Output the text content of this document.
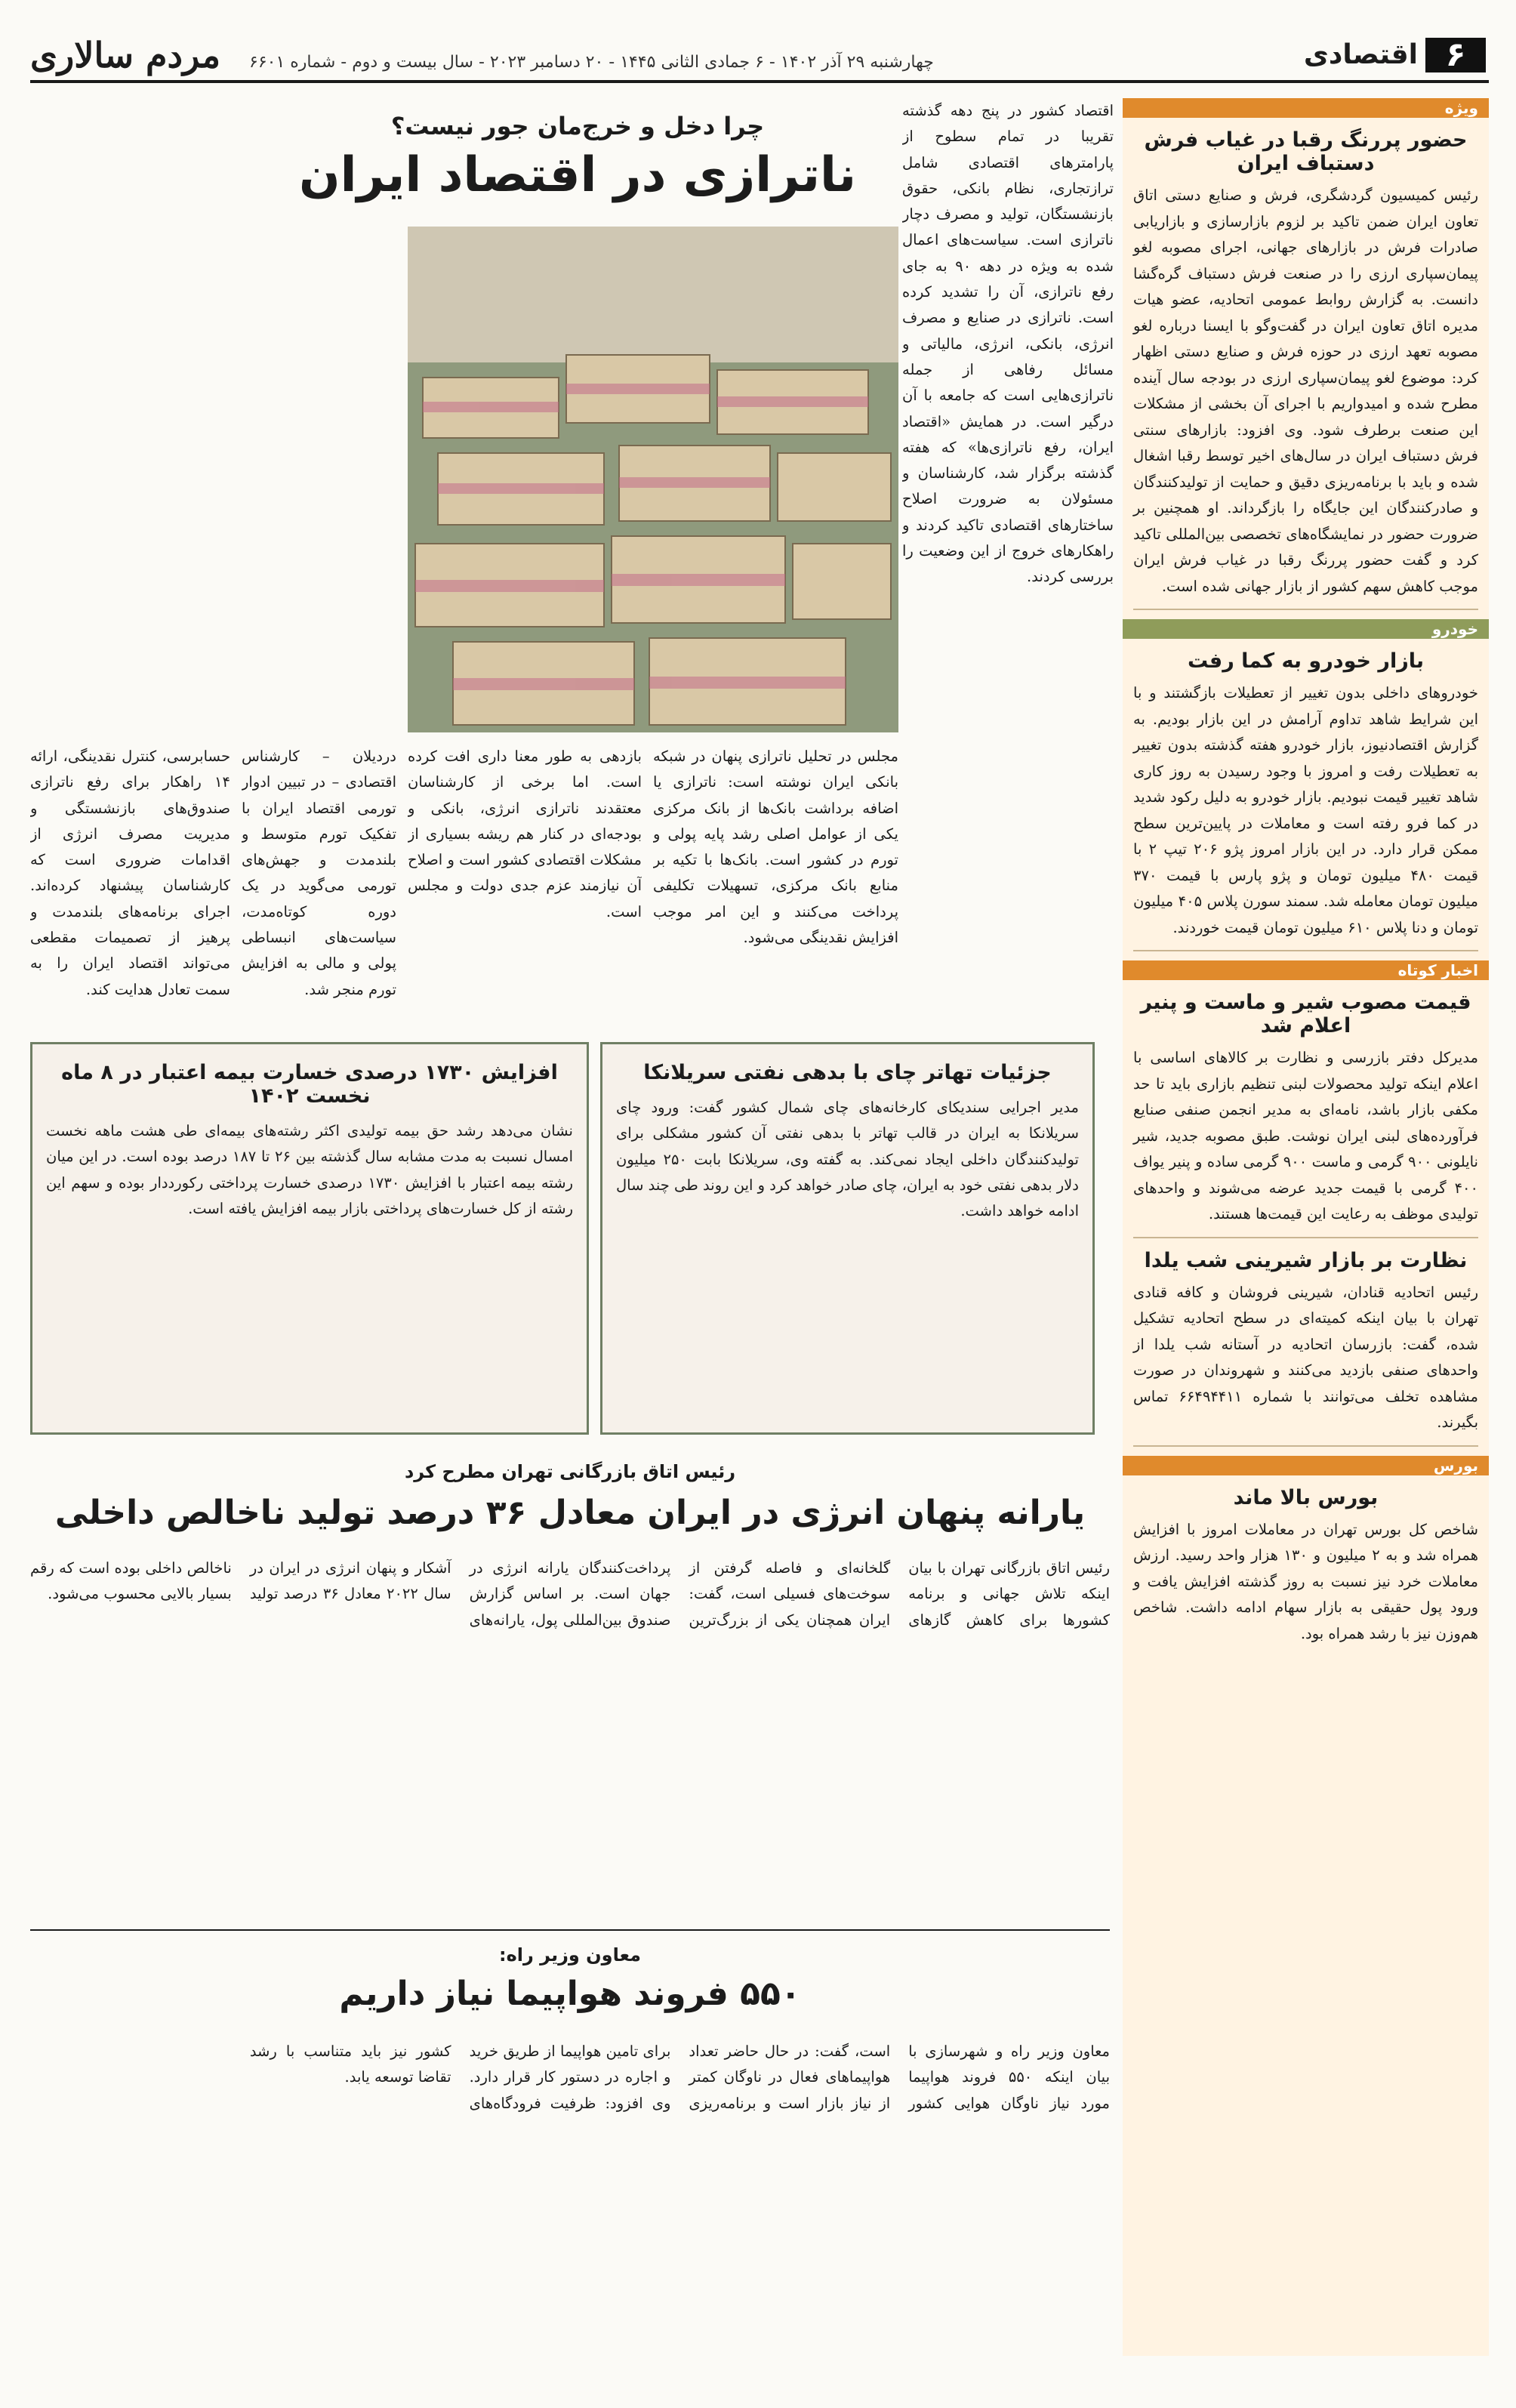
۶
اقتصادی
مردم سالاری چهارشنبه ۲۹ آذر ۱۴۰۲ - ۶ جمادی الثانی ۱۴۴۵ - ۲۰ دسامبر ۲۰۲۳ - سال بیست و دوم - شماره ۶۶۰۱
ویژه
حضور پررنگ رقبا در غیاب فرش دستباف ایران

رئیس کمیسیون گردشگری، فرش و صنایع دستی اتاق تعاون ایران ضمن تاکید بر لزوم بازارسازی و بازاریابی صادرات فرش در بازارهای جهانی، اجرای مصوبه لغو پیمان‌سپاری ارزی را در صنعت فرش دستباف گره‌گشا دانست. به گزارش روابط عمومی اتحادیه، عضو هیات مدیره اتاق تعاون ایران در گفت‌وگو با ایسنا درباره لغو مصوبه تعهد ارزی در حوزه فرش و صنایع دستی اظهار کرد: موضوع لغو پیمان‌سپاری ارزی در بودجه سال آینده مطرح شده و امیدواریم با اجرای آن بخشی از مشکلات این صنعت برطرف شود. وی افزود: بازارهای سنتی فرش دستباف ایران در سال‌های اخیر توسط رقبا اشغال شده و باید با برنامه‌ریزی دقیق و حمایت از تولیدکنندگان و صادرکنندگان این جایگاه را بازگرداند. او همچنین بر ضرورت حضور در نمایشگاه‌های تخصصی بین‌المللی تاکید کرد و گفت حضور پررنگ رقبا در غیاب فرش ایران موجب کاهش سهم کشور از بازار جهانی شده است.

خودرو
بازار خودرو به کما رفت

خودروهای داخلی بدون تغییر از تعطیلات بازگشتند و با این شرایط شاهد تداوم آرامش در این بازار بودیم. به گزارش اقتصادنیوز، بازار خودرو هفته گذشته بدون تغییر به تعطیلات رفت و امروز با وجود رسیدن به روز کاری شاهد تغییر قیمت نبودیم. بازار خودرو به دلیل رکود شدید در کما فرو رفته است و معاملات در پایین‌ترین سطح ممکن قرار دارد. در این بازار امروز پژو ۲۰۶ تیپ ۲ با قیمت ۴۸۰ میلیون تومان و پژو پارس با قیمت ۳۷۰ میلیون تومان معامله شد. سمند سورن پلاس ۴۰۵ میلیون تومان و دنا پلاس ۶۱۰ میلیون تومان قیمت خوردند.

اخبار کوتاه
قیمت مصوب شیر و ماست و پنیر اعلام شد

مدیرکل دفتر بازرسی و نظارت بر کالاهای اساسی با اعلام اینکه تولید محصولات لبنی تنظیم بازاری باید تا حد مکفی بازار باشد، نامه‌ای به مدیر انجمن صنفی صنایع فرآورده‌های لبنی ایران نوشت. طبق مصوبه جدید، شیر نایلونی ۹۰۰ گرمی و ماست ۹۰۰ گرمی ساده و پنیر یواف ۴۰۰ گرمی با قیمت جدید عرضه می‌شوند و واحدهای تولیدی موظف به رعایت این قیمت‌ها هستند.

نظارت بر بازار شیرینی شب یلدا

رئیس اتحادیه قنادان، شیرینی فروشان و کافه قنادی تهران با بیان اینکه کمیته‌ای در سطح اتحادیه تشکیل شده، گفت: بازرسان اتحادیه در آستانه شب یلدا از واحدهای صنفی بازدید می‌کنند و شهروندان در صورت مشاهده تخلف می‌توانند با شماره ۶۶۴۹۴۴۱۱ تماس بگیرند.

بورس
بورس بالا ماند

شاخص کل بورس تهران در معاملات امروز با افزایش همراه شد و به ۲ میلیون و ۱۳۰ هزار واحد رسید. ارزش معاملات خرد نیز نسبت به روز گذشته افزایش یافت و ورود پول حقیقی به بازار سهام ادامه داشت. شاخص هم‌وزن نیز با رشد همراه بود.

چرا دخل و خرج‌مان جور نیست؟
ناترازی در اقتصاد ایران

اقتصاد کشور در پنج دهه گذشته تقریبا در تمام سطوح از پارامترهای اقتصادی شامل ترازتجاری، نظام بانکی، حقوق بازنشستگان، تولید و مصرف دچار ناترازی است. سیاست‌های اعمال شده به ویژه در دهه ۹۰ به جای رفع ناترازی، آن را تشدید کرده است. ناترازی در صنایع و مصرف انرژی، بانکی، انرژی، مالیاتی و مسائل رفاهی از جمله ناترازی‌هایی است که جامعه با آن درگیر است. در همایش «اقتصاد ایران، رفع ناترازی‌ها» که هفته گذشته برگزار شد، کارشناسان و مسئولان به ضرورت اصلاح ساختارهای اقتصادی تاکید کردند و راهکارهای خروج از این وضعیت را بررسی کردند.

مجلس در تحلیل ناترازی پنهان در شبکه بانکی ایران نوشته است: ناترازی یا اضافه برداشت بانک‌ها از بانک مرکزی یکی از عوامل اصلی رشد پایه پولی و تورم در کشور است. بانک‌ها با تکیه بر منابع بانک مرکزی، تسهیلات تکلیفی پرداخت می‌کنند و این امر موجب افزایش نقدینگی می‌شود.

بازدهی به طور معنا داری افت کرده است. اما برخی از کارشناسان معتقدند ناترازی انرژی، بانکی و بودجه‌ای در کنار هم ریشه بسیاری از مشکلات اقتصادی کشور است و اصلاح آن نیازمند عزم جدی دولت و مجلس است.

دردیلان – کارشناس اقتصادی – در تبیین ادوار تورمی اقتصاد ایران با تفکیک تورم متوسط و بلندمدت و جهش‌های تورمی می‌گوید در یک دوره کوتاه‌مدت، سیاست‌های انبساطی پولی و مالی به افزایش تورم منجر شد.

حسابرسی، کنترل نقدینگی، ارائه ۱۴ راهکار برای رفع ناترازی صندوق‌های بازنشستگی و مدیریت مصرف انرژی از اقدامات ضروری است که کارشناسان پیشنهاد کرده‌اند. اجرای برنامه‌های بلندمدت و پرهیز از تصمیمات مقطعی می‌تواند اقتصاد ایران را به سمت تعادل هدایت کند.

جزئیات تهاتر چای با بدهی نفتی سریلانکا

مدیر اجرایی سندیکای کارخانه‌های چای شمال کشور گفت: ورود چای سریلانکا به ایران در قالب تهاتر با بدهی نفتی آن کشور مشکلی برای تولیدکنندگان داخلی ایجاد نمی‌کند. به گفته وی، سریلانکا بابت ۲۵۰ میلیون دلار بدهی نفتی خود به ایران، چای صادر خواهد کرد و این روند طی چند سال ادامه خواهد داشت.

افزایش ۱۷۳۰ درصدی خسارت بیمه اعتبار در ۸ ماه نخست ۱۴۰۲

نشان می‌دهد رشد حق بیمه تولیدی اکثر رشته‌های بیمه‌ای طی هشت ماهه نخست امسال نسبت به مدت مشابه سال گذشته بین ۲۶ تا ۱۸۷ درصد بوده است. در این میان رشته بیمه اعتبار با افزایش ۱۷۳۰ درصدی خسارت پرداختی رکورددار بوده و سهم این رشته از کل خسارت‌های پرداختی بازار بیمه افزایش یافته است.

رئیس اتاق بازرگانی تهران مطرح کرد
یارانه پنهان انرژی در ایران معادل ۳۶ درصد تولید ناخالص داخلی

رئیس اتاق بازرگانی تهران با بیان اینکه تلاش جهانی و برنامه کشورها برای کاهش گازهای گلخانه‌ای و فاصله گرفتن از سوخت‌های فسیلی است، گفت: ایران همچنان یکی از بزرگ‌ترین پرداخت‌کنندگان یارانه انرژی در جهان است. بر اساس گزارش صندوق بین‌المللی پول، یارانه‌های آشکار و پنهان انرژی در ایران در سال ۲۰۲۲ معادل ۳۶ درصد تولید ناخالص داخلی بوده است که رقم بسیار بالایی محسوب می‌شود.

معاون وزیر راه:
۵۵۰ فروند هواپیما نیاز داریم

معاون وزیر راه و شهرسازی با بیان اینکه ۵۵۰ فروند هواپیما مورد نیاز ناوگان هوایی کشور است، گفت: در حال حاضر تعداد هواپیماهای فعال در ناوگان کمتر از نیاز بازار است و برنامه‌ریزی برای تامین هواپیما از طریق خرید و اجاره در دستور کار قرار دارد. وی افزود: ظرفیت فرودگاه‌های کشور نیز باید متناسب با رشد تقاضا توسعه یابد.
